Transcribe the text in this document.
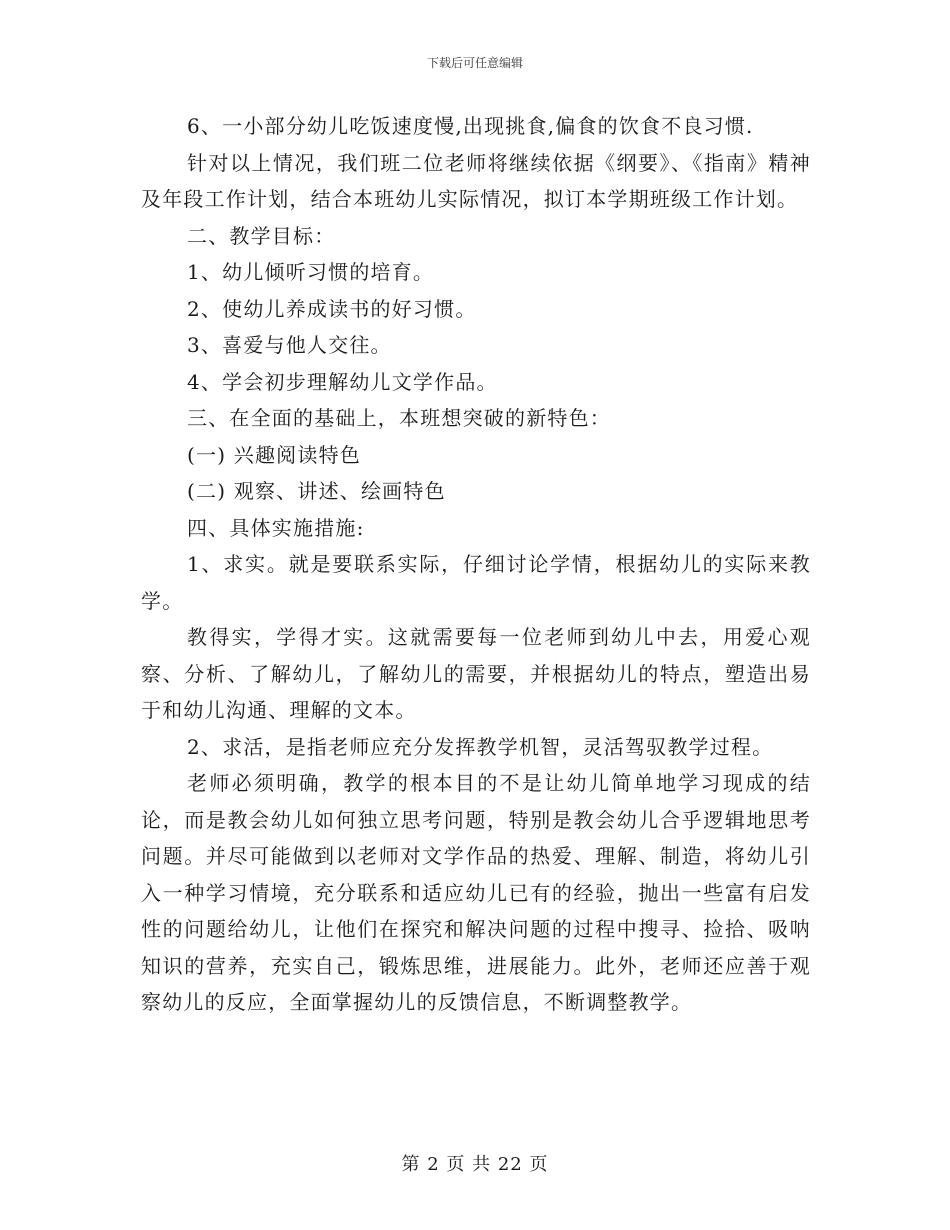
下载后可任意编辑

6、一小部分幼儿吃饭速度慢,出现挑食,偏食的饮食不良习惯.

针对以上情况，我们班二位老师将继续依据《纲要》、《指南》精神及年段工作计划，结合本班幼儿实际情况，拟订本学期班级工作计划。

二、教学目标：

1、幼儿倾听习惯的培育。

2、使幼儿养成读书的好习惯。

3、喜爱与他人交往。

4、学会初步理解幼儿文学作品。

三、在全面的基础上，本班想突破的新特色：

(一) 兴趣阅读特色

(二) 观察、讲述、绘画特色

四、具体实施措施:

1、求实。就是要联系实际，仔细讨论学情，根据幼儿的实际来教学。

教得实，学得才实。这就需要每一位老师到幼儿中去，用爱心观察、分析、了解幼儿，了解幼儿的需要，并根据幼儿的特点，塑造出易于和幼儿沟通、理解的文本。

2、求活，是指老师应充分发挥教学机智，灵活驾驭教学过程。

老师必须明确，教学的根本目的不是让幼儿简单地学习现成的结论，而是教会幼儿如何独立思考问题，特别是教会幼儿合乎逻辑地思考问题。并尽可能做到以老师对文学作品的热爱、理解、制造，将幼儿引入一种学习情境，充分联系和适应幼儿已有的经验，抛出一些富有启发性的问题给幼儿，让他们在探究和解决问题的过程中搜寻、捡拾、吸呐知识的营养，充实自己，锻炼思维，进展能力。此外，老师还应善于观察幼儿的反应，全面掌握幼儿的反馈信息，不断调整教学。

第 2 页 共 22 页
